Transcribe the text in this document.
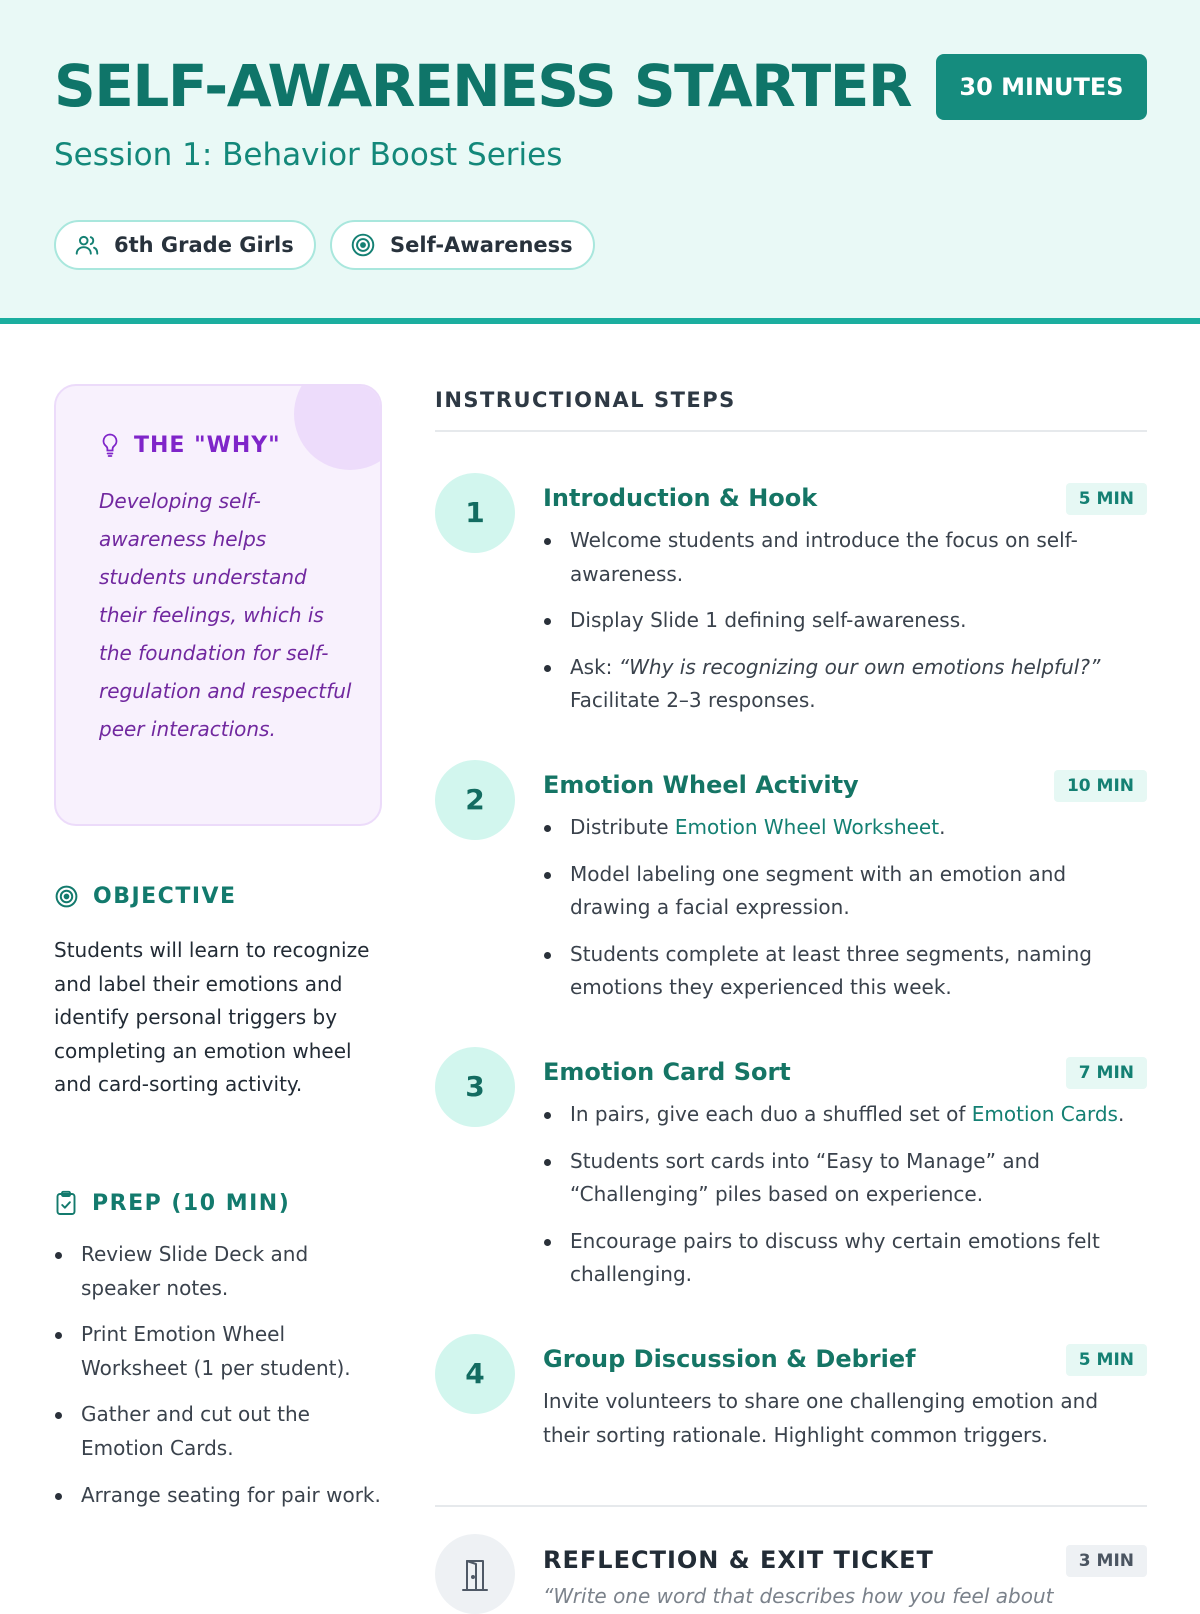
SELF-AWARENESS STARTER	30 MINUTES
Session 1: Behavior Boost Series
6th Grade Girls	Self-Awareness
THE "WHY"
Developing self-awareness helps students understand their feelings, which is the foundation for self-regulation and respectful peer interactions.
OBJECTIVE
Students will learn to recognize and label their emotions and identify personal triggers by completing an emotion wheel and card-sorting activity.
PREP (10 MIN)
Review Slide Deck and speaker notes.
Print Emotion Wheel Worksheet (1 per student).
Gather and cut out the Emotion Cards.
Arrange seating for pair work.
INSTRUCTIONAL STEPS
1	Introduction & Hook	5 MIN
Welcome students and introduce the focus on self-awareness.
Display Slide 1 defining self-awareness.
Ask: “Why is recognizing our own emotions helpful?” Facilitate 2–3 responses.
2	Emotion Wheel Activity	10 MIN
Distribute Emotion Wheel Worksheet.
Model labeling one segment with an emotion and drawing a facial expression.
Students complete at least three segments, naming emotions they experienced this week.
3	Emotion Card Sort	7 MIN
In pairs, give each duo a shuffled set of Emotion Cards.
Students sort cards into “Easy to Manage” and “Challenging” piles based on experience.
Encourage pairs to discuss why certain emotions felt challenging.
4	Group Discussion & Debrief	5 MIN
Invite volunteers to share one challenging emotion and their sorting rationale. Highlight common triggers.
REFLECTION & EXIT TICKET	3 MIN
“Write one word that describes how you feel about
